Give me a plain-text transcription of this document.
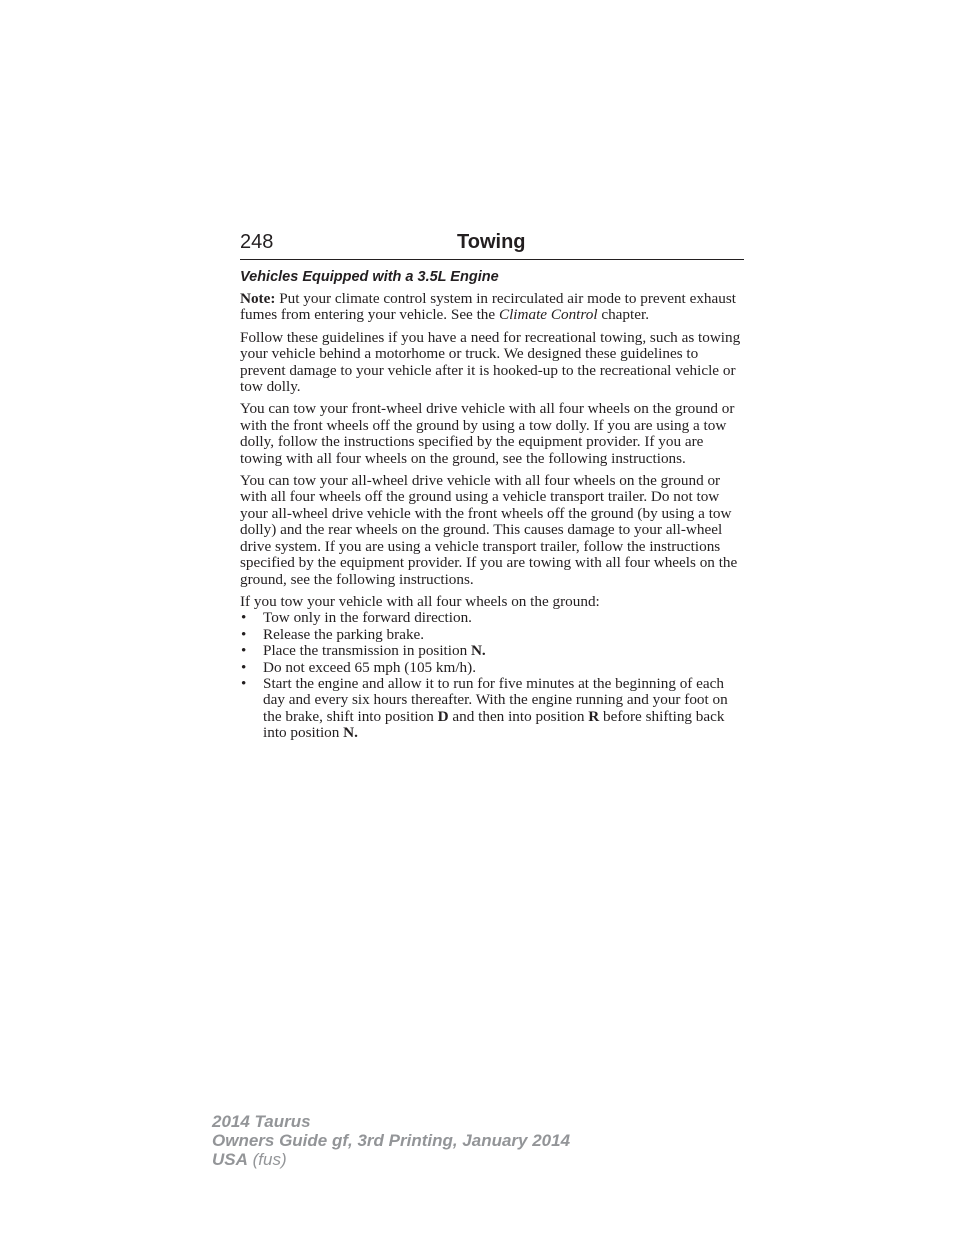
248	Towing
Vehicles Equipped with a 3.5L Engine

Note: Put your climate control system in recirculated air mode to prevent exhaust fumes from entering your vehicle. See the Climate Control chapter.

Follow these guidelines if you have a need for recreational towing, such as towing your vehicle behind a motorhome or truck. We designed these guidelines to prevent damage to your vehicle after it is hooked-up to the recreational vehicle or tow dolly.

You can tow your front-wheel drive vehicle with all four wheels on the ground or with the front wheels off the ground by using a tow dolly. If you are using a tow dolly, follow the instructions specified by the equipment provider. If you are towing with all four wheels on the ground, see the following instructions.

You can tow your all-wheel drive vehicle with all four wheels on the ground or with all four wheels off the ground using a vehicle transport trailer. Do not tow your all-wheel drive vehicle with the front wheels off the ground (by using a tow dolly) and the rear wheels on the ground. This causes damage to your all-wheel drive system. If you are using a vehicle transport trailer, follow the instructions specified by the equipment provider. If you are towing with all four wheels on the ground, see the following instructions.

If you tow your vehicle with all four wheels on the ground:

• Tow only in the forward direction.
• Release the parking brake.
• Place the transmission in position N.
• Do not exceed 65 mph (105 km/h).
• Start the engine and allow it to run for five minutes at the beginning of each day and every six hours thereafter. With the engine running and your foot on the brake, shift into position D and then into position R before shifting back into position N.
2014 Taurus
Owners Guide gf, 3rd Printing, January 2014
USA (fus)
